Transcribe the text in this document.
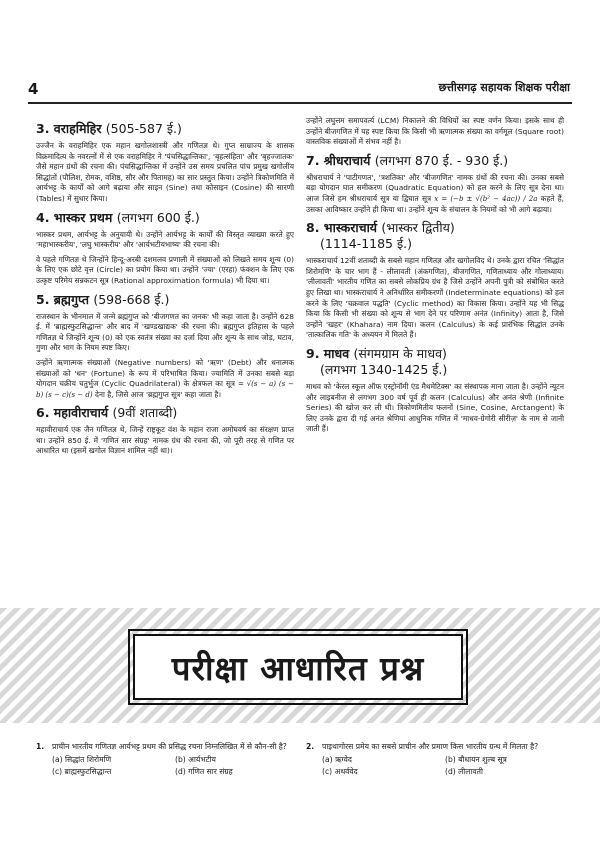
4	छत्तीसगढ़ सहायक शिक्षक परीक्षा
3. वराहमिहिर (505-587 ई.)

उज्जैन के वराहमिहिर एक महान खगोलशास्त्री और गणितज्ञ थे। गुप्त साम्राज्य के शासक विक्रमादित्य के नवरत्नों में से एक वराहमिहिर ने 'पंचसिद्धान्तिका', 'बृहत्संहिता' और 'बृहज्जातक' जैसे महान ग्रंथों की रचना की। पंचसिद्धान्तिका में उन्होंने उस समय प्रचलित पांच प्रमुख खगोलीय सिद्धांतों (पौलिश, रोमक, वशिष्ठ, सौर और पितामह) का सार प्रस्तुत किया। उन्होंने त्रिकोणमिति में आर्यभट्ट के कार्यों को आगे बढ़ाया और साइन (Sine) तथा कोसाइन (Cosine) की सारणी (Tables) में सुधार किया।

4. भास्कर प्रथम (लगभग 600 ई.)

भास्कर प्रथम, आर्यभट्ट के अनुयायी थे। उन्होंने आर्यभट्ट के कार्यों की विस्तृत व्याख्या करते हुए 'महाभास्करीय', 'लघु भास्करीय' और 'आर्यभटीयभाष्य' की रचना की।

वे पहले गणितज्ञ थे जिन्होंने हिन्दू-अरबी दशमलव प्रणाली में संख्याओं को लिखते समय शून्य (0) के लिए एक छोटे वृत्त (Circle) का प्रयोग किया था। उन्होंने 'ज्या' (एरहा) फंक्शन के लिए एक उत्कृष्ट परिमेय सन्नकटन सूत्र (Rational approximation formula) भी दिया था।

5. ब्रह्मगुप्त (598-668 ई.)

राजस्थान के भीनमाल में जन्मे ब्रह्मगुप्त को 'बीजगणत का जनक' भी कहा जाता है। उन्होंने 628 ई. में 'ब्राह्मस्फुटसिद्धान्त' और बाद में 'खण्डखाद्यक' की रचना की। ब्रह्मगुप्त इतिहास के पहले गणितज्ञ थे जिन्होंने शून्य (0) को एक स्वतंत्र संख्या का दर्जा दिया और शून्य के साथ जोड़, घटाव, गुणा और भाग के नियम स्पष्ट किए।

उन्होंने ऋणात्मक संख्याओं (Negative numbers) को 'ऋण' (Debt) और धनात्मक संख्याओं को 'धन' (Fortune) के रूप में परिभाषित किया। ज्यामिति में उनका सबसे बड़ा योगदान चक्रीय चतुर्भुज (Cyclic Quadrilateral) के क्षेत्रफल का सूत्र = √(s − a) (s − b) (s − c)(s − d) देना है, जिसे आज 'ब्रह्मगुप्त सूत्र' कहा जाता है।

6. महावीराचार्य (9वीं शताब्दी)

महावीराचार्य एक जैन गणितज्ञ थे, जिन्हें राष्ट्रकूट वंश के महान राजा अमोघवर्ष का संरक्षण प्राप्त था। उन्होंने 850 ई. में 'गणित सार संग्रह' नामक ग्रंथ की रचना की, जो पूरी तरह से गणित पर आधारित था (इसमें खगोल विज्ञान शामिल नहीं था)।

उन्होंने लघुत्तम समापवर्त्य (LCM) निकालने की विधियों का स्पष्ट वर्णन किया। इसके साथ ही उन्होंने बीजगणित में यह स्पष्ट किया कि किसी भी ऋणात्मक संख्या का वर्गमूल (Square root) वास्तविक संख्याओं में संभव नहीं है।

7. श्रीधराचार्य (लगभग 870 ई. - 930 ई.)

श्रीधराचार्य ने 'पाटीगणत', 'त्रशतिका' और 'बीजगणित' नामक ग्रंथों की रचना की। उनका सबसे बड़ा योगदान घात समीकरण (Quadratic Equation) को हल करने के लिए सूत्र देना था। आज जिसे हम श्रीधराचार्य सूत्र या द्विघात सूत्र x = (−b ± √(b² − 4ac)) / 2a कहते हैं, उसका आविष्कार उन्होंने ही किया था। उन्होंने शून्य के संचालन के नियमों को भी आगे बढ़ाया।

8. भास्कराचार्य (भास्कर द्वितीय)
(1114-1185 ई.)

भास्कराचार्य 12वीं शताब्दी के सबसे महान गणितज्ञ और खगोलविद थे। उनके द्वारा रचित 'सिद्धांत शिरोमणि' के चार भाग हैं - लीलावती (अंकगणित), बीजगणित, गणिताध्याय और गोलाध्याय। 'लीलावती' भारतीय गणित का सबसे लोकप्रिय ग्रंथ है जिसे उन्होंने अपनी पुत्री को संबोधित करते हुए लिखा था। भास्कराचार्य ने अनिर्धारित समीकरणों (Indeterminate equations) को हल करने के लिए 'चक्रवाल पद्धति' (Cyclic method) का विकास किया। उन्होंने यह भी सिद्ध किया कि किसी भी संख्या को शून्य से भाग देने पर परिणाम अनंत (Infinity) आता है, जिसे उन्होंने 'खहर' (Khahara) नाम दिया। कलन (Calculus) के कई प्रारंभिक सिद्धांत उनके 'तात्कालिक गति' के अध्ययन में मिलते हैं।

9. माधव (संगमग्राम के माधव)
(लगभग 1340-1425 ई.)

माधव को 'केरल स्कूल ऑफ एस्ट्रोनॉमी एंड मैथमेटिक्स' का संस्थापक माना जाता है। उन्होंने न्यूटन और लाइबनीज से लगभग 300 वर्ष पूर्व ही कलन (Calculus) और अनंत श्रेणी (Infinite Series) की खोज कर ली थी। त्रिकोणमितीय फलनों (Sine, Cosine, Arctangent) के लिए उनके द्वारा दी गई अनंत श्रेणियां आधुनिक गणित में 'माधव-ग्रेगोरी सीरीज़' के नाम से जानी जाती हैं।

परीक्षा आधारित प्रश्न
1.	प्राचीन भारतीय गणितज्ञ आर्यभट्ट प्रथम की प्रसिद्ध रचना निम्नलिखित में से कौन-सी है?
(a) सिद्धांत शिरोमणि	(b) आर्यभटीय
(c) ब्राह्मस्फुटसिद्धान्त	(d) गणित सार संग्रह
2.	पाइथागोरस प्रमेय का सबसे प्राचीन और प्रमाण किस भारतीय ग्रन्थ में मिलता है?
(a) ऋग्वेद	(b) बौधायन शुल्ब सूत्र
(c) अथर्ववेद	(d) लीलावती
